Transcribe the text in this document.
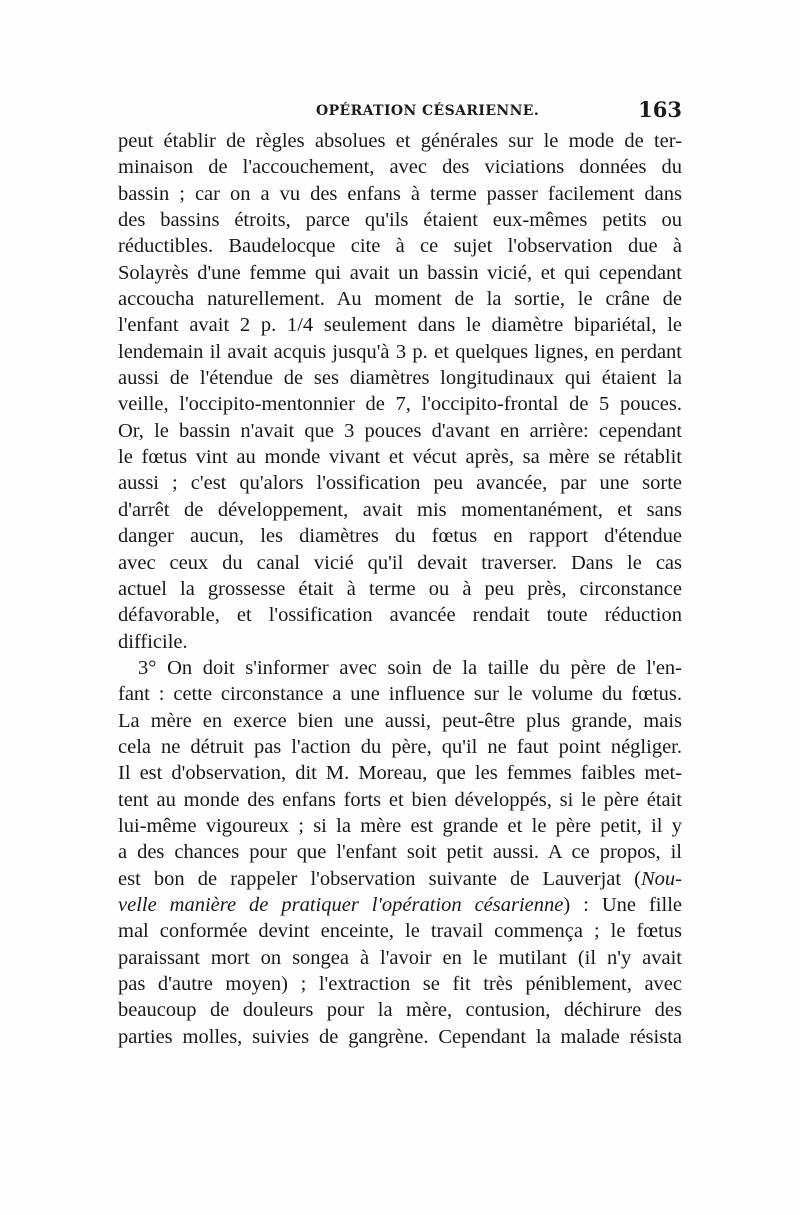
OPÉRATION CÉSARIENNE.	163
peut établir de règles absolues et générales sur le mode de ter-
minaison de l'accouchement, avec des viciations données du
bassin ; car on a vu des enfans à terme passer facilement dans
des bassins étroits, parce qu'ils étaient eux-mêmes petits ou
réductibles. Baudelocque cite à ce sujet l'observation due à
Solayrès d'une femme qui avait un bassin vicié, et qui cependant
accoucha naturellement. Au moment de la sortie, le crâne de
l'enfant avait 2 p. 1/4 seulement dans le diamètre bipariétal, le
lendemain il avait acquis jusqu'à 3 p. et quelques lignes, en perdant
aussi de l'étendue de ses diamètres longitudinaux qui étaient la
veille, l'occipito-mentonnier de 7, l'occipito-frontal de 5 pouces.
Or, le bassin n'avait que 3 pouces d'avant en arrière: cependant
le fœtus vint au monde vivant et vécut après, sa mère se rétablit
aussi ; c'est qu'alors l'ossification peu avancée, par une sorte
d'arrêt de développement, avait mis momentanément, et sans
danger aucun, les diamètres du fœtus en rapport d'étendue
avec ceux du canal vicié qu'il devait traverser. Dans le cas
actuel la grossesse était à terme ou à peu près, circonstance
défavorable, et l'ossification avancée rendait toute réduction
difficile.
3° On doit s'informer avec soin de la taille du père de l'en-
fant : cette circonstance a une influence sur le volume du fœtus.
La mère en exerce bien une aussi, peut-être plus grande, mais
cela ne détruit pas l'action du père, qu'il ne faut point négliger.
Il est d'observation, dit M. Moreau, que les femmes faibles met-
tent au monde des enfans forts et bien développés, si le père était
lui-même vigoureux ; si la mère est grande et le père petit, il y
a des chances pour que l'enfant soit petit aussi. A ce propos, il
est bon de rappeler l'observation suivante de Lauverjat (Nou-
velle manière de pratiquer l'opération césarienne) : Une fille
mal conformée devint enceinte, le travail commença ; le fœtus
paraissant mort on songea à l'avoir en le mutilant (il n'y avait
pas d'autre moyen) ; l'extraction se fit très péniblement, avec
beaucoup de douleurs pour la mère, contusion, déchirure des
parties molles, suivies de gangrène. Cependant la malade résista
